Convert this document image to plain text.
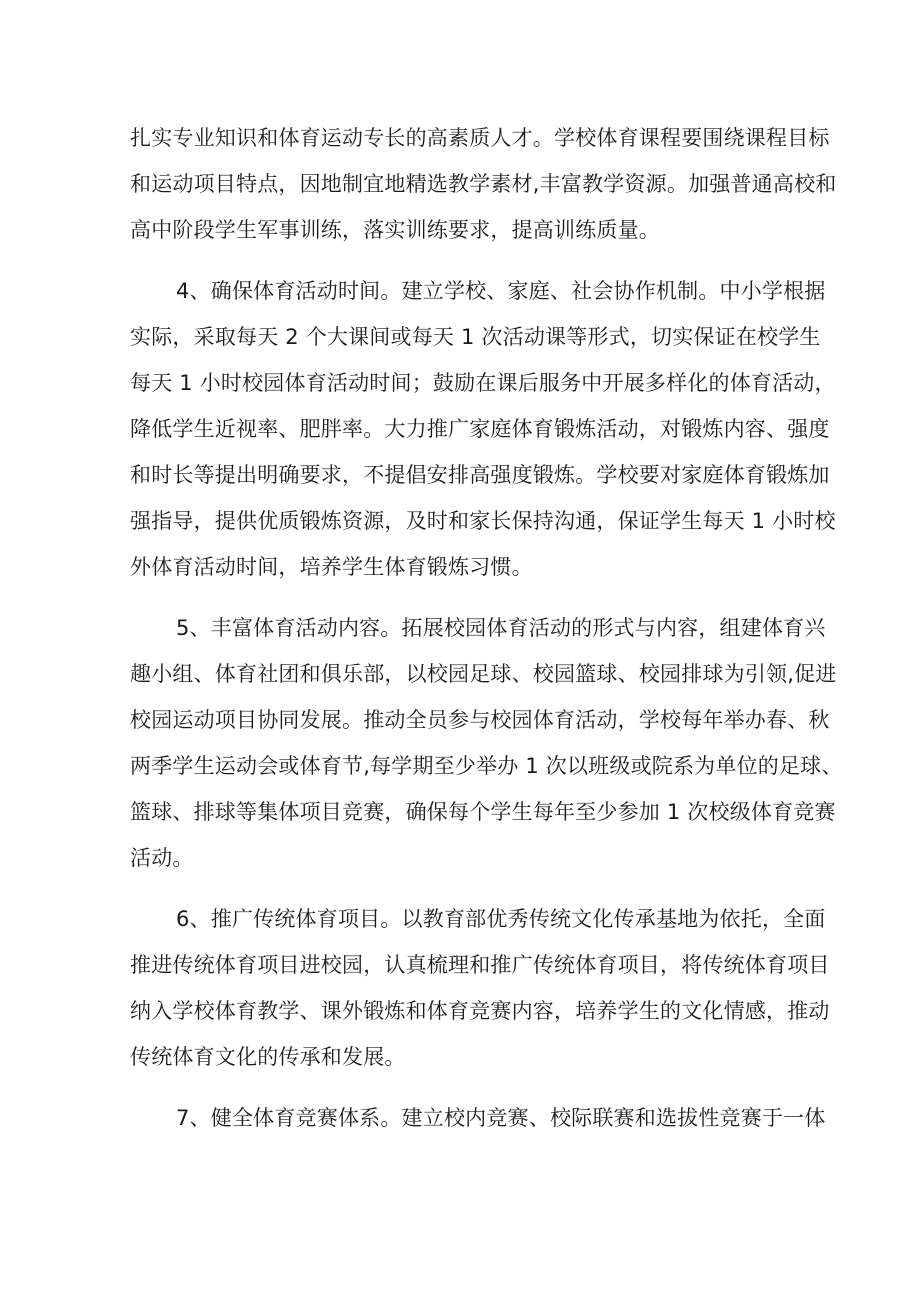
扎实专业知识和体育运动专长的高素质人才。学校体育课程要围绕课程目标
和运动项目特点，因地制宜地精选教学素材,丰富教学资源。加强普通高校和
高中阶段学生军事训练，落实训练要求，提高训练质量。
4、确保体育活动时间。建立学校、家庭、社会协作机制。中小学根据
实际，采取每天 2 个大课间或每天 1 次活动课等形式，切实保证在校学生
每天 1 小时校园体育活动时间；鼓励在课后服务中开展多样化的体育活动，
降低学生近视率、肥胖率。大力推广家庭体育锻炼活动，对锻炼内容、强度
和时长等提出明确要求，不提倡安排高强度锻炼。学校要对家庭体育锻炼加
强指导，提供优质锻炼资源，及时和家长保持沟通，保证学生每天 1 小时校
外体育活动时间，培养学生体育锻炼习惯。
5、丰富体育活动内容。拓展校园体育活动的形式与内容，组建体育兴
趣小组、体育社团和俱乐部，以校园足球、校园篮球、校园排球为引领,促进
校园运动项目协同发展。推动全员参与校园体育活动，学校每年举办春、秋
两季学生运动会或体育节,每学期至少举办 1 次以班级或院系为单位的足球、
篮球、排球等集体项目竞赛，确保每个学生每年至少参加 1 次校级体育竞赛
活动。
6、推广传统体育项目。以教育部优秀传统文化传承基地为依托，全面
推进传统体育项目进校园，认真梳理和推广传统体育项目，将传统体育项目
纳入学校体育教学、课外锻炼和体育竞赛内容，培养学生的文化情感，推动
传统体育文化的传承和发展。
7、健全体育竞赛体系。建立校内竞赛、校际联赛和选拔性竞赛于一体
